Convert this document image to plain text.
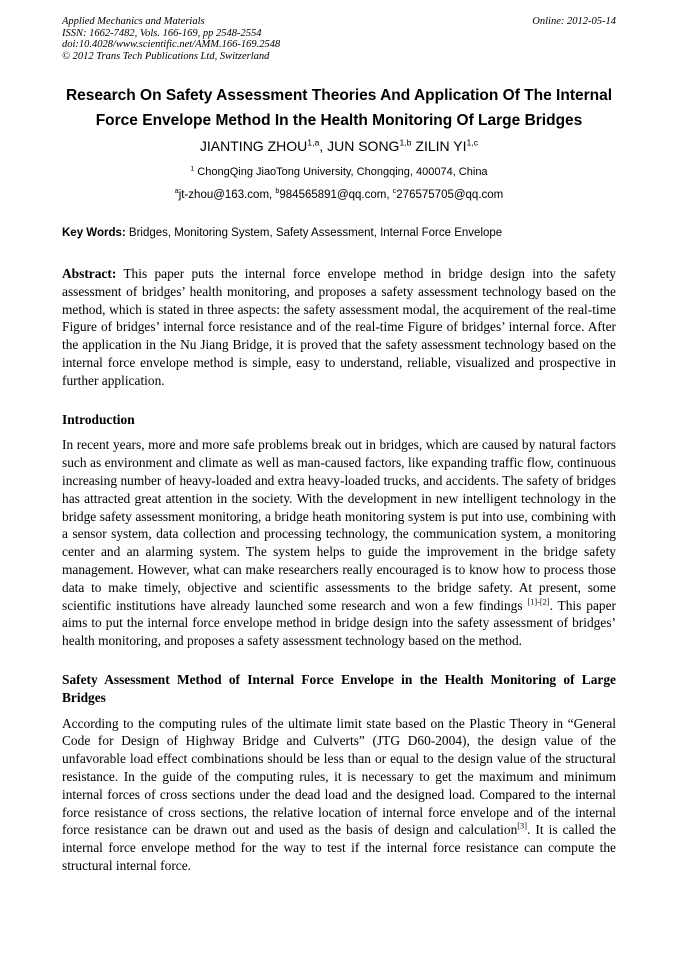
Applied Mechanics and Materials
ISSN: 1662-7482, Vols. 166-169, pp 2548-2554
doi:10.4028/www.scientific.net/AMM.166-169.2548
© 2012 Trans Tech Publications Ltd, Switzerland
Online: 2012-05-14
Research On Safety Assessment Theories And Application Of The Internal Force Envelope Method In the Health Monitoring Of Large Bridges
JIANTING ZHOU$^{1,a}$, JUN SONG$^{1,b}$ ZILIN YI$^{1,c}$
$^1$ ChongQing JiaoTong University, Chongqing, 400074, China
$^a$jt-zhou@163.com, $^b$984565891@qq.com, $^c$276575705@qq.com
Key Words: Bridges, Monitoring System, Safety Assessment, Internal Force Envelope

Abstract: This paper puts the internal force envelope method in bridge design into the safety assessment of bridges’ health monitoring, and proposes a safety assessment technology based on the method, which is stated in three aspects: the safety assessment modal, the acquirement of the real-time Figure of bridges’ internal force resistance and of the real-time Figure of bridges’ internal force. After the application in the Nu Jiang Bridge, it is proved that the safety assessment technology based on the internal force envelope method is simple, easy to understand, reliable, visualized and prospective in further application.

Introduction

In recent years, more and more safe problems break out in bridges, which are caused by natural factors such as environment and climate as well as man-caused factors, like expanding traffic flow, continuous increasing number of heavy-loaded and extra heavy-loaded trucks, and accidents. The safety of bridges has attracted great attention in the society. With the development in new intelligent technology in the bridge safety assessment monitoring, a bridge heath monitoring system is put into use, combining with a sensor system, data collection and processing technology, the communication system, a monitoring center and an alarming system. The system helps to guide the improvement in the bridge safety management. However, what can make researchers really encouraged is to know how to process those data to make timely, objective and scientific assessments to the bridge safety. At present, some scientific institutions have already launched some research and won a few findings [1]-[2]. This paper aims to put the internal force envelope method in bridge design into the safety assessment of bridges’ health monitoring, and proposes a safety assessment technology based on the method.

Safety Assessment Method of Internal Force Envelope in the Health Monitoring of Large Bridges

According to the computing rules of the ultimate limit state based on the Plastic Theory in “General Code for Design of Highway Bridge and Culverts” (JTG D60-2004), the design value of the unfavorable load effect combinations should be less than or equal to the design value of the structural resistance. In the guide of the computing rules, it is necessary to get the maximum and minimum internal forces of cross sections under the dead load and the designed load. Compared to the internal force resistance of cross sections, the relative location of internal force envelope and of the internal force resistance can be drawn out and used as the basis of design and calculation[3]. It is called the internal force envelope method for the way to test if the internal force resistance can compute the structural internal force.
